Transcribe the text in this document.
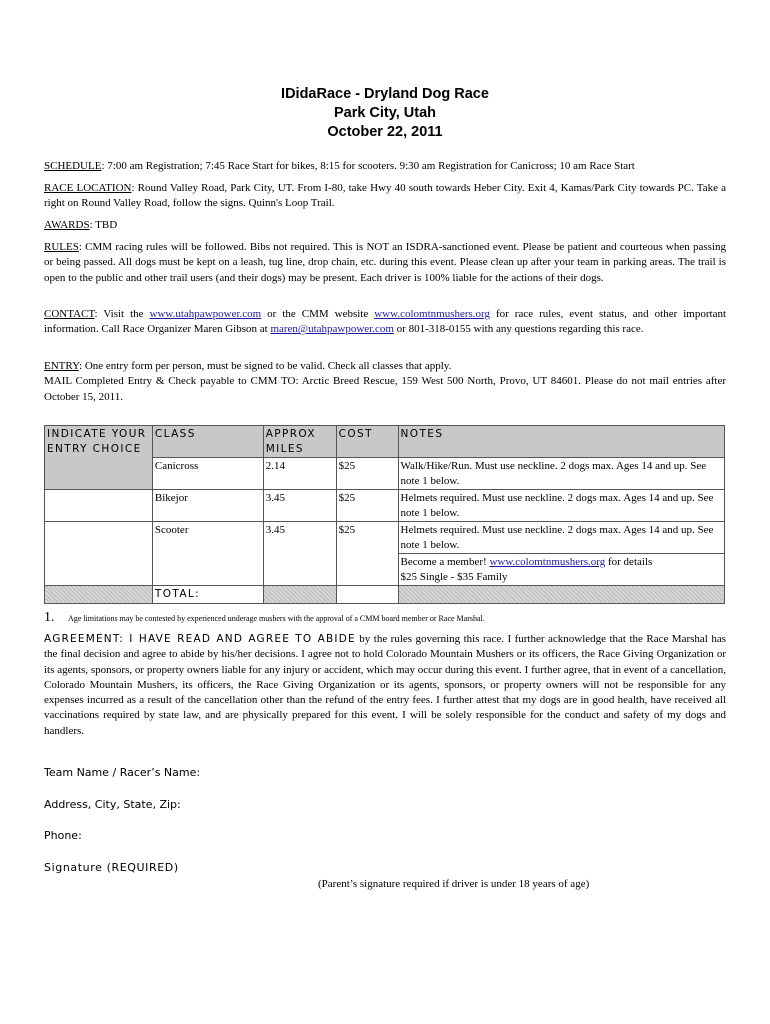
IDidaRace - Dryland Dog Race
Park City, Utah
October 22, 2011
SCHEDULE: 7:00 am Registration; 7:45 Race Start for bikes, 8:15 for scooters. 9:30 am Registration for Canicross; 10 am Race Start
RACE LOCATION: Round Valley Road, Park City, UT. From I-80, take Hwy 40 south towards Heber City. Exit 4, Kamas/Park City towards PC. Take a right on Round Valley Road, follow the signs. Quinn's Loop Trail.
AWARDS: TBD
RULES: CMM racing rules will be followed. Bibs not required. This is NOT an ISDRA-sanctioned event. Please be patient and courteous when passing or being passed. All dogs must be kept on a leash, tug line, drop chain, etc. during this event. Please clean up after your team in parking areas. The trail is open to the public and other trail users (and their dogs) may be present. Each driver is 100% liable for the actions of their dogs.
CONTACT: Visit the www.utahpawpower.com or the CMM website www.colomtnmushers.org for race rules, event status, and other important information. Call Race Organizer Maren Gibson at maren@utahpawpower.com or 801-318-0155 with any questions regarding this race.
ENTRY: One entry form per person, must be signed to be valid. Check all classes that apply.
MAIL Completed Entry & Check payable to CMM TO: Arctic Breed Rescue, 159 West 500 North, Provo, UT 84601. Please do not mail entries after October 15, 2011.
INDICATE YOUR ENTRY CHOICE	CLASS	APPROX MILES	COST	NOTES
	Canicross	2.14	$25	Walk/Hike/Run. Must use neckline. 2 dogs max. Ages 14 and up. See note 1 below.
	Bikejor	3.45	$25	Helmets required. Must use neckline. 2 dogs max. Ages 14 and up. See note 1 below.
	Scooter	3.45	$25	Helmets required. Must use neckline. 2 dogs max. Ages 14 and up. See note 1 below.

				Become a member! www.colomtnmushers.org for details
$25 Single - $35 Family

	TOTAL:			
1. Age limitations may be contested by experienced underage mushers with the approval of a CMM board member or Race Marshal.
AGREEMENT: I HAVE READ AND AGREE TO ABIDE by the rules governing this race. I further acknowledge that the Race Marshal has the final decision and agree to abide by his/her decisions. I agree not to hold Colorado Mountain Mushers or its officers, the Race Giving Organization or its agents, sponsors, or property owners liable for any injury or accident, which may occur during this event. I further agree, that in event of a cancellation, Colorado Mountain Mushers, its officers, the Race Giving Organization or its agents, sponsors, or property owners will not be responsible for any expenses incurred as a result of the cancellation other than the refund of the entry fees. I further attest that my dogs are in good health, have received all vaccinations required by state law, and are physically prepared for this event. I will be solely responsible for the conduct and safety of my dogs and handlers.
Team Name / Racer’s Name:
Address, City, State, Zip:
Phone:
Signature (REQUIRED)
(Parent’s signature required if driver is under 18 years of age)
